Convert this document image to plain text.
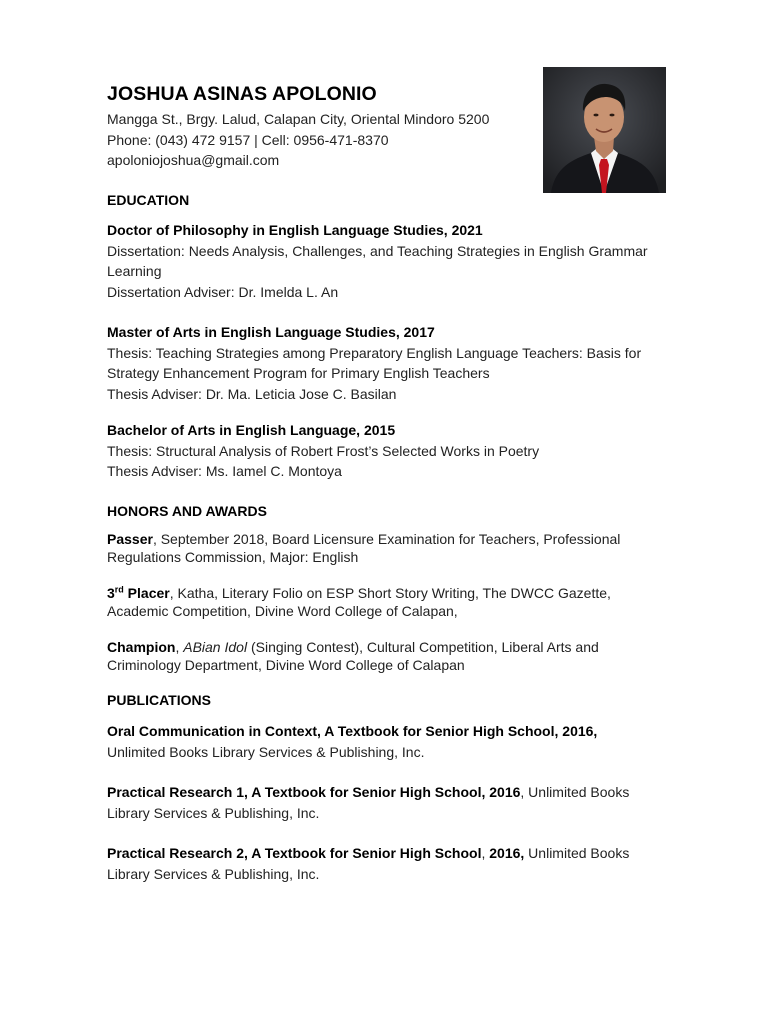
JOSHUA ASINAS APOLONIO
Mangga St., Brgy. Lalud, Calapan City, Oriental Mindoro 5200
Phone: (043) 472 9157 | Cell: 0956-471-8370
apoloniojoshua@gmail.com
EDUCATION
Doctor of Philosophy in English Language Studies, 2021
Dissertation: Needs Analysis, Challenges, and Teaching Strategies in English Grammar
Learning
Dissertation Adviser: Dr. Imelda L. An
Master of Arts in English Language Studies, 2017
Thesis: Teaching Strategies among Preparatory English Language Teachers: Basis for
Strategy Enhancement Program for Primary English Teachers
Thesis Adviser: Dr. Ma. Leticia Jose C. Basilan
Bachelor of Arts in English Language, 2015
Thesis: Structural Analysis of Robert Frost’s Selected Works in Poetry
Thesis Adviser: Ms. Iamel C. Montoya
HONORS AND AWARDS
Passer, September 2018, Board Licensure Examination for Teachers, Professional
Regulations Commission, Major: English
3rd Placer, Katha, Literary Folio on ESP Short Story Writing, The DWCC Gazette,
Academic Competition, Divine Word College of Calapan,
Champion, ABian Idol (Singing Contest), Cultural Competition, Liberal Arts and
Criminology Department, Divine Word College of Calapan
PUBLICATIONS
Oral Communication in Context, A Textbook for Senior High School, 2016,
Unlimited Books Library Services & Publishing, Inc.
Practical Research 1, A Textbook for Senior High School, 2016, Unlimited Books
Library Services & Publishing, Inc.
Practical Research 2, A Textbook for Senior High School, 2016, Unlimited Books
Library Services & Publishing, Inc.
